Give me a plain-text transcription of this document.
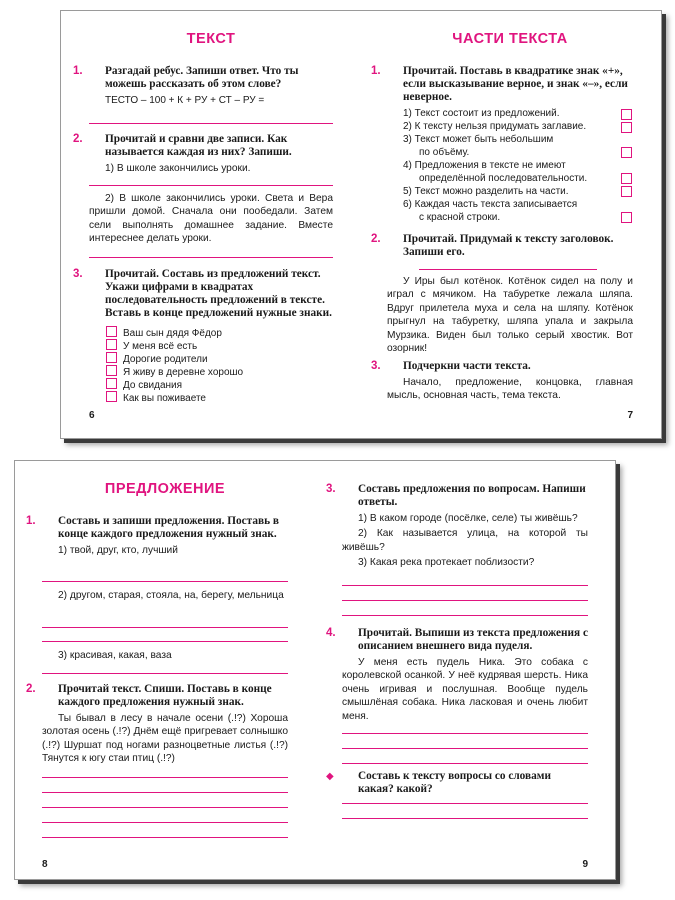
ТЕКСТ
1. Разгадай ребус. Запиши ответ. Что ты можешь рассказать об этом слове?
ТЕСТО – 100 + К + РУ + СТ – РУ =
2. Прочитай и сравни две записи. Как называется каждая из них? Запиши.
1) В школе закончились уроки.
2) В школе закончились уроки. Света и Вера пришли домой. Сначала они пообедали. Затем сели выполнять домашнее задание. Вместе интереснее делать уроки.
3. Прочитай. Составь из предложений текст. Укажи цифрами в квадратах последовательность предложений в тексте. Вставь в конце предложений нужные знаки.
Ваш сын дядя Фёдор
У меня всё есть
Дорогие родители
Я живу в деревне хорошо
До свидания
Как вы поживаете
6
ЧАСТИ ТЕКСТА
1. Прочитай. Поставь в квадратике знак «+», если высказывание верное, и знак «–», если неверное.
1) Текст состоит из предложений.
2) К тексту нельзя придумать заглавие.
3) Текст может быть небольшим
по объёму.
4) Предложения в тексте не имеют
определённой последовательности.
5) Текст можно разделить на части.
6) Каждая часть текста записывается
с красной строки.
2. Прочитай. Придумай к тексту заголовок. Запиши его.
У Иры был котёнок. Котёнок сидел на полу и играл с мячиком. На табуретке лежала шляпа. Вдруг прилетела муха и села на шляпу. Котёнок прыгнул на табуретку, шляпа упала и закрыла Мурзика. Виден был только серый хвостик. Вот озорник!
3. Подчеркни части текста.
Начало, предложение, концовка, главная мысль, основная часть, тема текста.
7
ПРЕДЛОЖЕНИЕ
1. Составь и запиши предложения. Поставь в конце каждого предложения нужный знак.
1) твой, друг, кто, лучший
2) другом, старая, стояла, на, берегу, мельница
3) красивая, какая, ваза
2. Прочитай текст. Спиши. Поставь в конце каждого предложения нужный знак.
Ты бывал в лесу в начале осени (.!?) Хороша золотая осень (.!?) Днём ещё пригревает солнышко (.!?) Шуршат под ногами разноцветные листья (.!?) Тянутся к югу стаи птиц (.!?)
8
3. Составь предложения по вопросам. Напиши ответы.
1) В каком городе (посёлке, селе) ты живёшь?
2) Как называется улица, на которой ты живёшь?
3) Какая река протекает поблизости?
4. Прочитай. Выпиши из текста предложения с описанием внешнего вида пуделя.
У меня есть пудель Ника. Это собака с королевской осанкой. У неё кудрявая шерсть. Ника очень игривая и послушная. Вообще пудель смышлёная собака. Ника ласковая и очень любит меня.
◆ Составь к тексту вопросы со словами какая? какой?
9
